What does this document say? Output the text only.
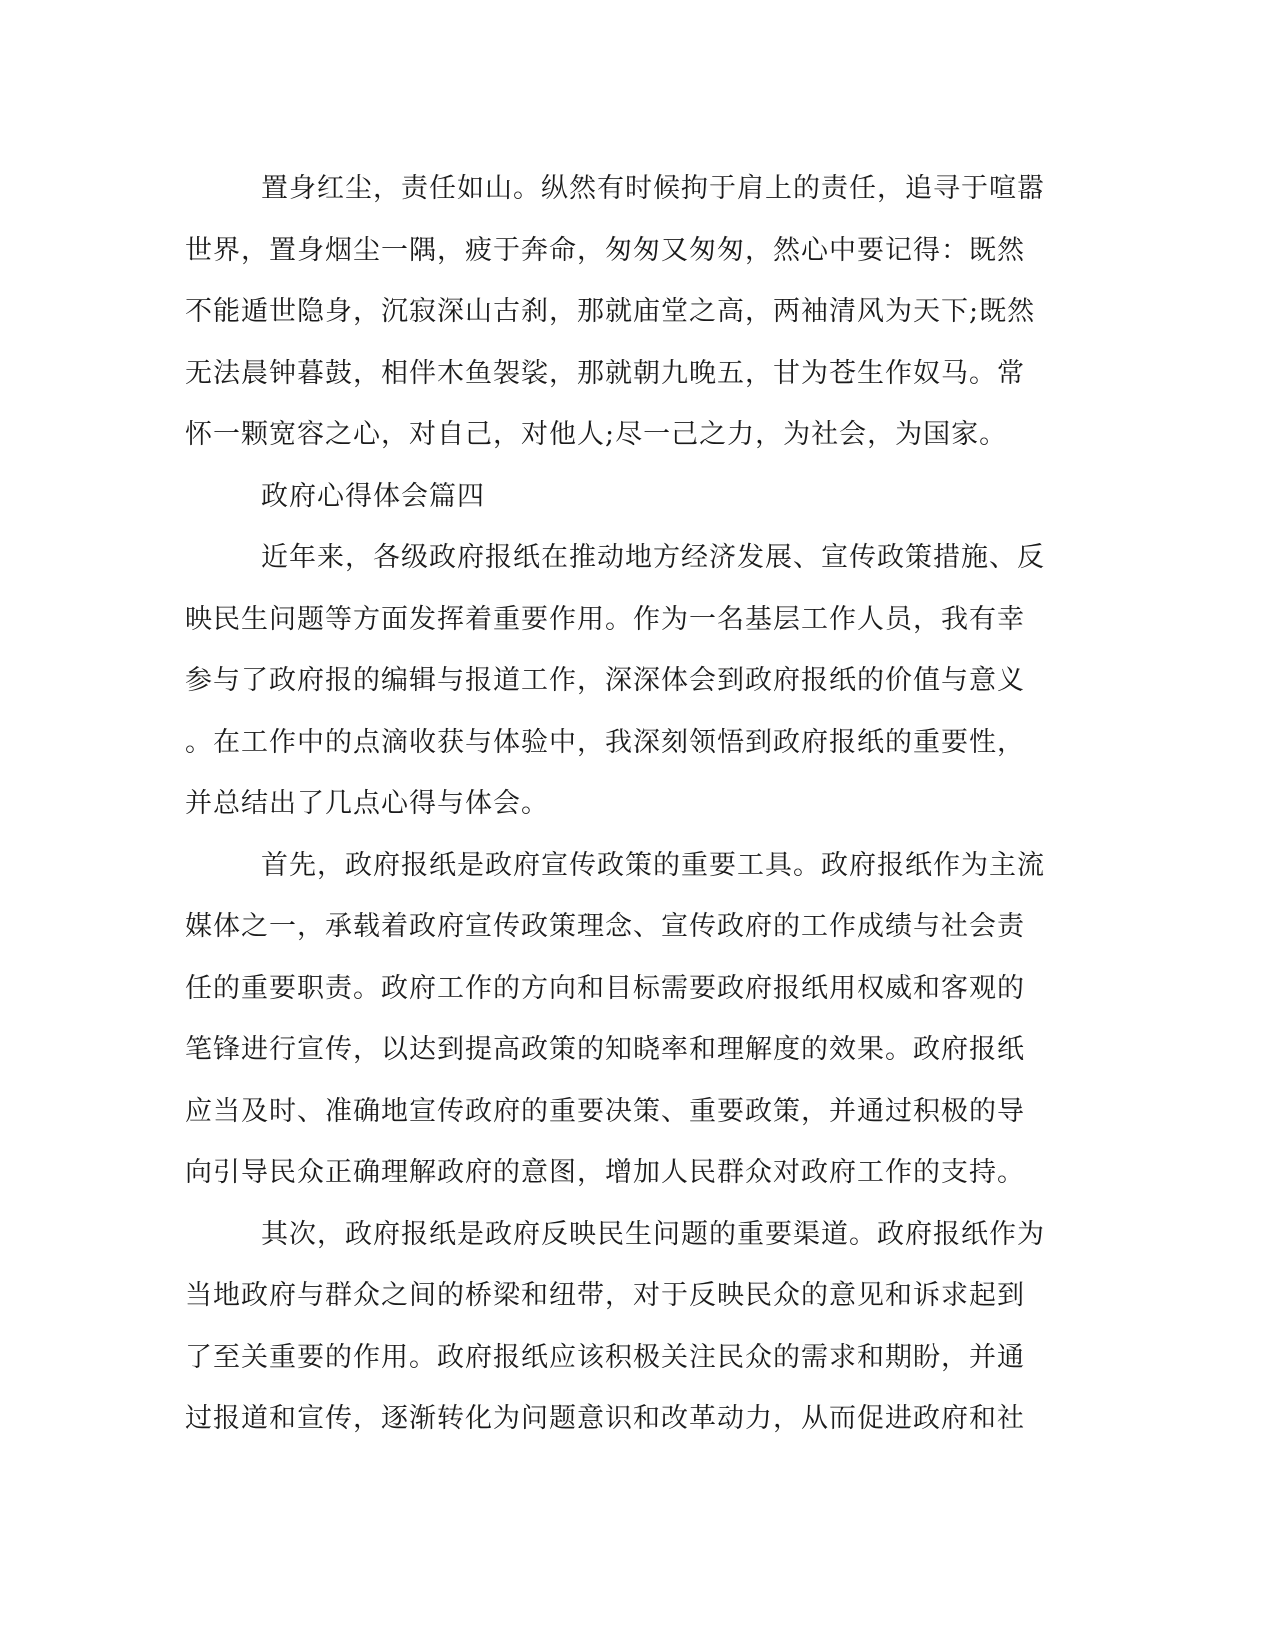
置身红尘，责任如山。纵然有时候拘于肩上的责任，追寻于喧嚣
世界，置身烟尘一隅，疲于奔命，匆匆又匆匆，然心中要记得：既然
不能遁世隐身，沉寂深山古刹，那就庙堂之高，两袖清风为天下;既然
无法晨钟暮鼓，相伴木鱼袈裟，那就朝九晚五，甘为苍生作奴马。常
怀一颗宽容之心，对自己，对他人;尽一己之力，为社会，为国家。
政府心得体会篇四
近年来，各级政府报纸在推动地方经济发展、宣传政策措施、反
映民生问题等方面发挥着重要作用。作为一名基层工作人员，我有幸
参与了政府报的编辑与报道工作，深深体会到政府报纸的价值与意义
。在工作中的点滴收获与体验中，我深刻领悟到政府报纸的重要性，
并总结出了几点心得与体会。
首先，政府报纸是政府宣传政策的重要工具。政府报纸作为主流
媒体之一，承载着政府宣传政策理念、宣传政府的工作成绩与社会责
任的重要职责。政府工作的方向和目标需要政府报纸用权威和客观的
笔锋进行宣传，以达到提高政策的知晓率和理解度的效果。政府报纸
应当及时、准确地宣传政府的重要决策、重要政策，并通过积极的导
向引导民众正确理解政府的意图，增加人民群众对政府工作的支持。
其次，政府报纸是政府反映民生问题的重要渠道。政府报纸作为
当地政府与群众之间的桥梁和纽带，对于反映民众的意见和诉求起到
了至关重要的作用。政府报纸应该积极关注民众的需求和期盼，并通
过报道和宣传，逐渐转化为问题意识和改革动力，从而促进政府和社
